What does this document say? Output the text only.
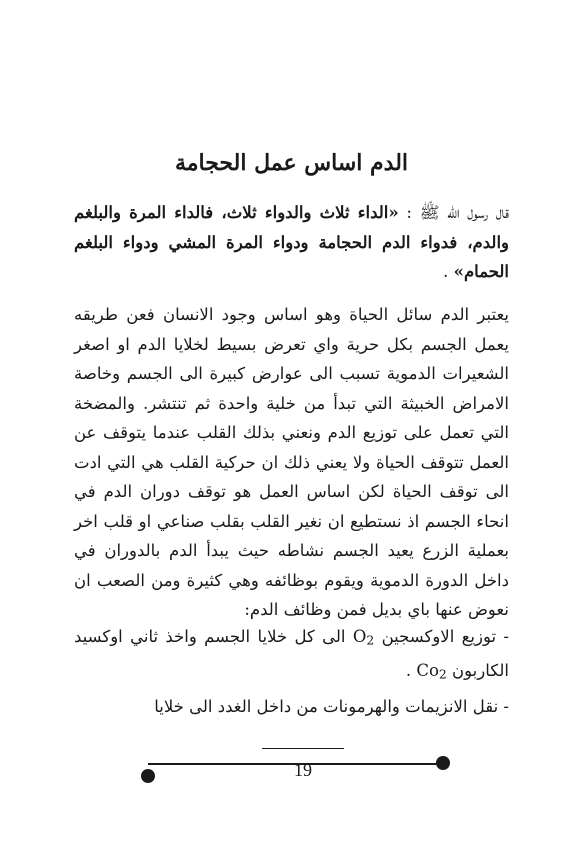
الدم اساس عمل الحجامة
قال رسول الله ﷺ : «الداء ثلاث والدواء ثلاث، فالداء المرة والبلغم والدم، فدواء الدم الحجامة ودواء المرة المشي ودواء البلغم الحمام» .
يعتبر الدم سائل الحياة وهو اساس وجود الانسان فعن طريقه يعمل الجسم بكل حرية واي تعرض بسيط لخلايا الدم او اصغر الشعيرات الدموية تسبب الى عوارض كبيرة الى الجسم وخاصة الامراض الخبيثة التي تبدأ من خلية واحدة ثم تنتشر. والمضخة التي تعمل على توزيع الدم ونعني بذلك القلب عندما يتوقف عن العمل تتوقف الحياة ولا يعني ذلك ان حركية القلب هي التي ادت الى توقف الحياة لكن اساس العمل هو توقف دوران الدم في انحاء الجسم اذ نستطيع ان نغير القلب بقلب صناعي او قلب اخر بعملية الزرع يعيد الجسم نشاطه حيث يبدأ الدم بالدوران في داخل الدورة الدموية ويقوم بوظائفه وهي كثيرة ومن الصعب ان نعوض عنها باي بديل فمن وظائف الدم:
- توزيع الاوكسجين $O_2$ الى كل خلايا الجسم واخذ ثاني اوكسيد الكاربون $Co_2$ .
- نقل الانزيمات والهرمونات من داخل الغدد الى خلايا
19
